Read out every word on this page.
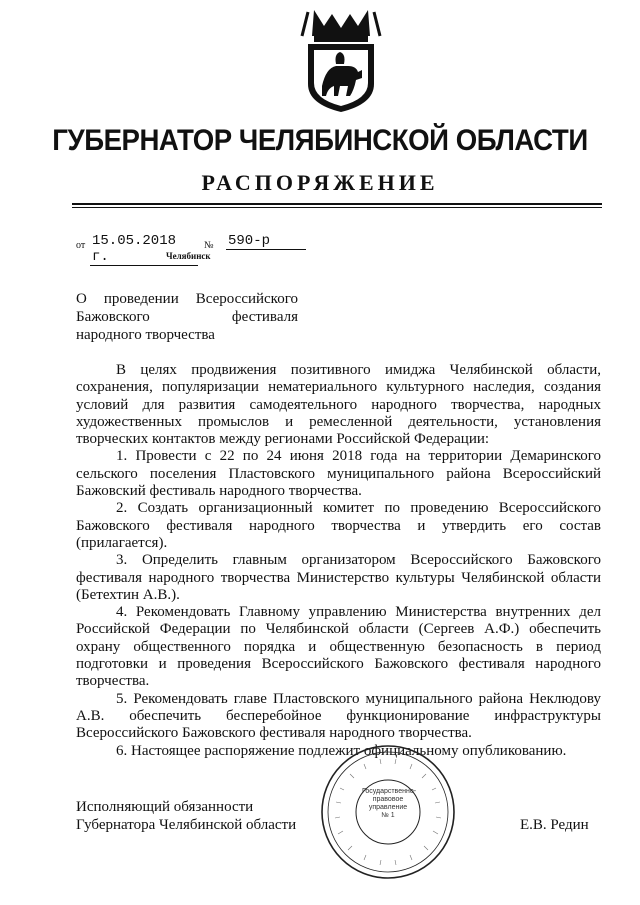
ГУБЕРНАТОР ЧЕЛЯБИНСКОЙ ОБЛАСТИ
РАСПОРЯЖЕНИЕ
от 15.05.2018 г.
№ 590-р
Челябинск
О проведении Всероссийского
Бажовского фестиваля
народного творчества

В целях продвижения позитивного имиджа Челябинской области, сохранения, популяризации нематериального культурного наследия, создания условий для развития самодеятельного народного творчества, народных художественных промыслов и ремесленной деятельности, установления творческих контактов между регионами Российской Федерации:

1. Провести с 22 по 24 июня 2018 года на территории Демаринского сельского поселения Пластовского муниципального района Всероссийский Бажовский фестиваль народного творчества.

2. Создать организационный комитет по проведению Всероссийского Бажовского фестиваля народного творчества и утвердить его состав (прилагается).

3. Определить главным организатором Всероссийского Бажовского фестиваля народного творчества Министерство культуры Челябинской области (Бетехтин А.В.).

4. Рекомендовать Главному управлению Министерства внутренних дел Российской Федерации по Челябинской области (Сергеев А.Ф.) обеспечить охрану общественного порядка и общественную безопасность в период подготовки и проведения Всероссийского Бажовского фестиваля народного творчества.

5. Рекомендовать главе Пластовского муниципального района Неклюдову А.В. обеспечить бесперебойное функционирование инфраструктуры Всероссийского Бажовского фестиваля народного творчества.

6. Настоящее распоряжение подлежит официальному опубликованию.

Государственно-
правовое
управление
№ 1
Исполняющий обязанности
Губернатора Челябинской области	Е.В. Редин
